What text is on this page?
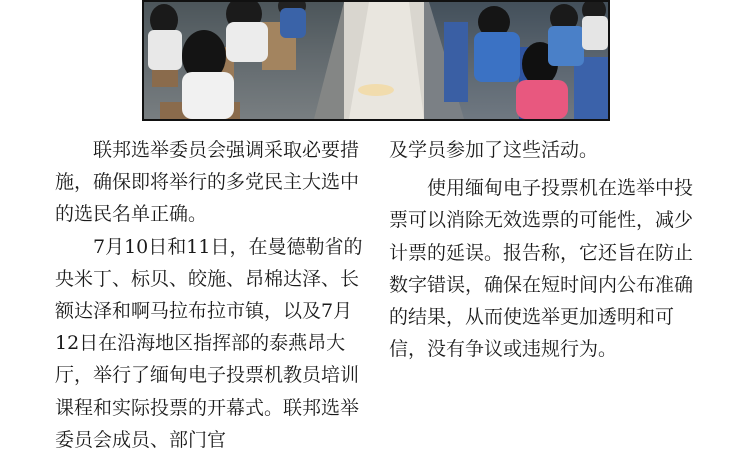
联邦选举委员会强调采取必要措施，确保即将举行的多党民主大选中的选民名单正确。

7月10日和11日，在曼德勒省的央米丁、标贝、皎施、昂棉达泽、长额达泽和啊马拉布拉市镇，以及7月12日在沿海地区指挥部的泰燕昂大厅，举行了缅甸电子投票机教员培训课程和实际投票的开幕式。联邦选举委员会成员、部门官

及学员参加了这些活动。

使用缅甸电子投票机在选举中投票可以消除无效选票的可能性，减少计票的延误。报告称，它还旨在防止数字错误，确保在短时间内公布准确的结果，从而使选举更加透明和可信，没有争议或违规行为。
